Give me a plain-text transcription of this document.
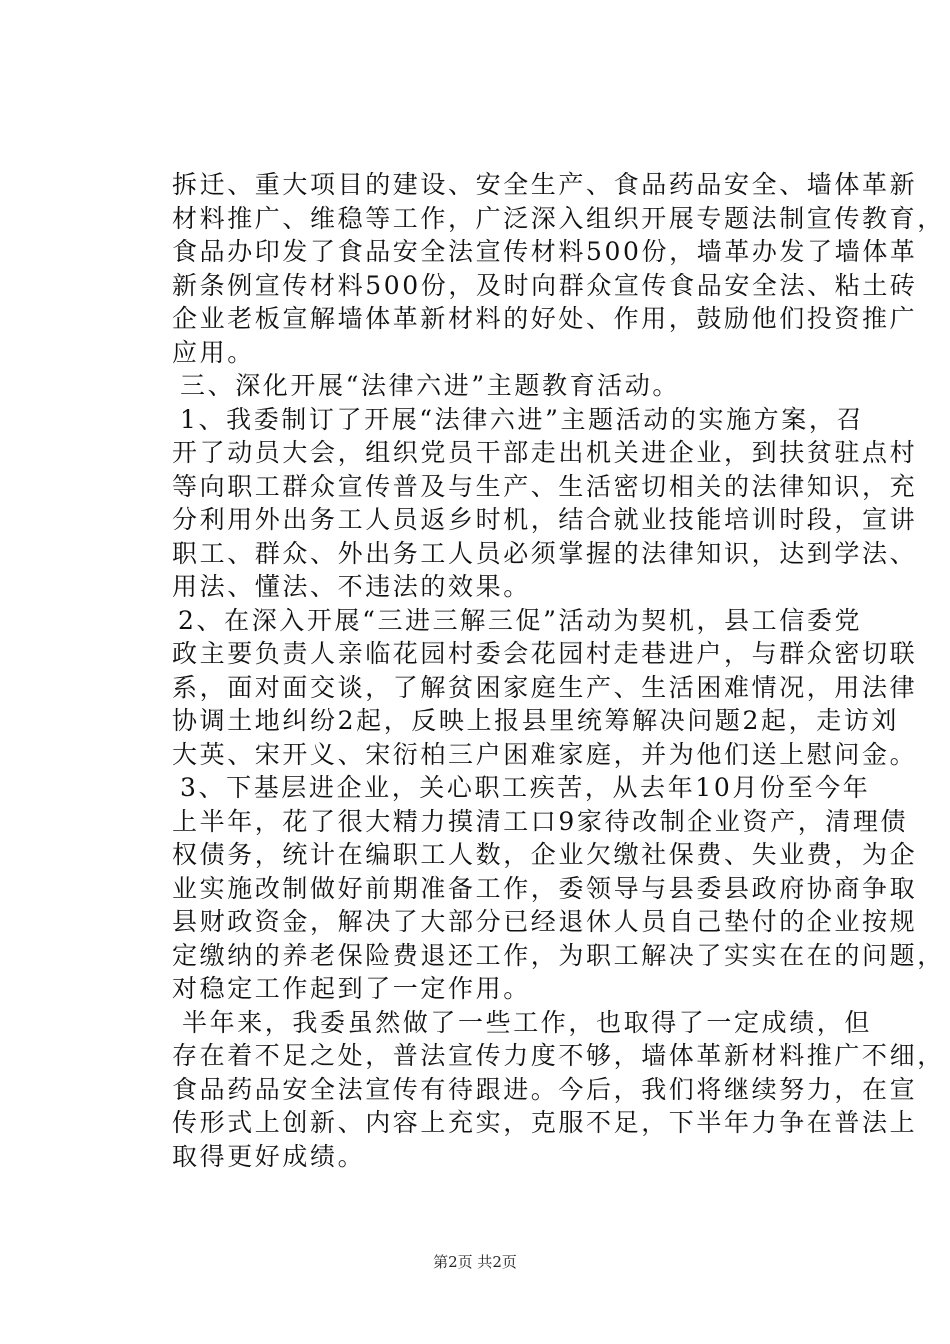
拆迁、重大项目的建设、安全生产、食品药品安全、墙体革新
材料推广、维稳等工作，广泛深入组织开展专题法制宣传教育，
食品办印发了食品安全法宣传材料500份，墙革办发了墙体革
新条例宣传材料500份，及时向群众宣传食品安全法、粘土砖
企业老板宣解墙体革新材料的好处、作用，鼓励他们投资推广
应用。
三、深化开展“法律六进”主题教育活动。
1、我委制订了开展“法律六进”主题活动的实施方案，召
开了动员大会，组织党员干部走出机关进企业，到扶贫驻点村
等向职工群众宣传普及与生产、生活密切相关的法律知识，充
分利用外出务工人员返乡时机，结合就业技能培训时段，宣讲
职工、群众、外出务工人员必须掌握的法律知识，达到学法、
用法、懂法、不违法的效果。
2、在深入开展“三进三解三促”活动为契机，县工信委党
政主要负责人亲临花园村委会花园村走巷进户，与群众密切联
系，面对面交谈，了解贫困家庭生产、生活困难情况，用法律
协调土地纠纷2起，反映上报县里统筹解决问题2起，走访刘
大英、宋开义、宋衍柏三户困难家庭，并为他们送上慰问金。
3、下基层进企业，关心职工疾苦，从去年10月份至今年
上半年，花了很大精力摸清工口9家待改制企业资产，清理债
权债务，统计在编职工人数，企业欠缴社保费、失业费，为企
业实施改制做好前期准备工作，委领导与县委县政府协商争取
县财政资金，解决了大部分已经退休人员自己垫付的企业按规
定缴纳的养老保险费退还工作，为职工解决了实实在在的问题，
对稳定工作起到了一定作用。
半年来，我委虽然做了一些工作，也取得了一定成绩，但
存在着不足之处，普法宣传力度不够，墙体革新材料推广不细，
食品药品安全法宣传有待跟进。今后，我们将继续努力，在宣
传形式上创新、内容上充实，克服不足，下半年力争在普法上
取得更好成绩。
第2页 共2页
